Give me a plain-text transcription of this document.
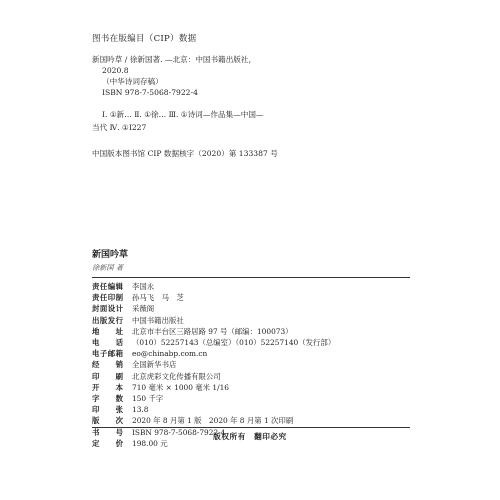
图书在版编目（CIP）数据
新国吟草 / 徐新国著. —北京：中国书籍出版社，
2020.8
（中华诗词存稿）
ISBN 978-7-5068-7922-4
Ⅰ. ①新… Ⅱ. ①徐… Ⅲ. ①诗词—作品集—中国—
当代 Ⅳ. ①I227
中国版本图书馆 CIP 数据核字（2020）第 133387 号
新国吟草
徐新国 著
责任编辑	李国永
责任印制	孙马飞　马　芝
封面设计	采薇阁
出版发行	中国书籍出版社
地　　址	北京市丰台区三路居路 97 号（邮编：100073）
电　　话	（010）52257143（总编室）（010）52257140（发行部）
电子邮箱	eo@chinabp.com.cn
经　　销	全国新华书店
印　　刷	北京虎彩文化传播有限公司
开　　本	710 毫米 × 1000 毫米 1/16
字　　数	150 千字
印　　张	13.8
版　　次	2020 年 8 月第 1 版　2020 年 8 月第 1 次印刷
书　　号	ISBN 978-7-5068-7922-4
定　　价	198.00 元
版权所有　翻印必究
